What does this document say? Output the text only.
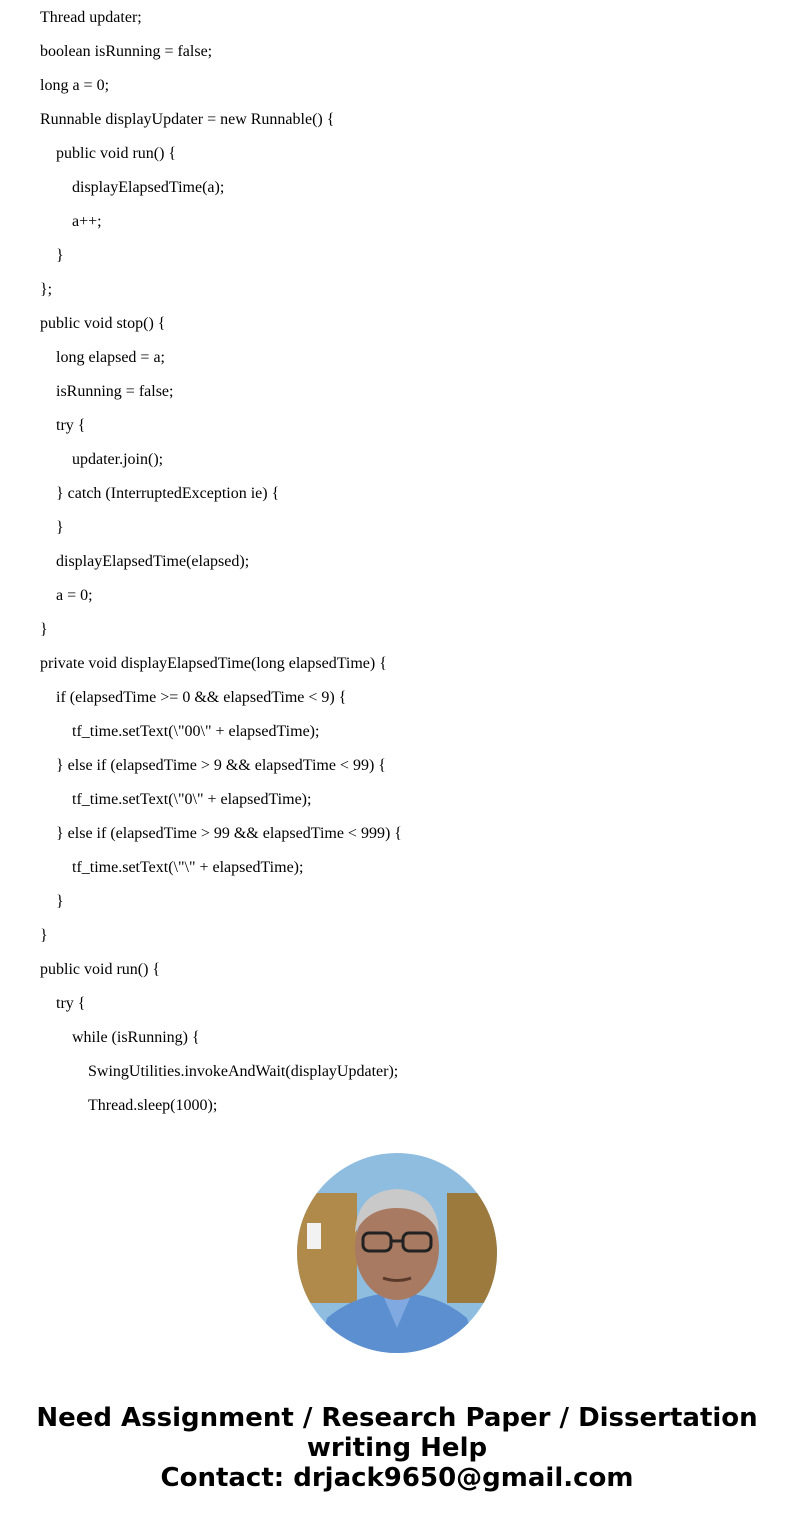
Thread updater;
boolean isRunning = false;
long a = 0;
Runnable displayUpdater = new Runnable() {
public void run() {
displayElapsedTime(a);
a++;
}
};
public void stop() {
long elapsed = a;
isRunning = false;
try {
updater.join();
} catch (InterruptedException ie) {
}
displayElapsedTime(elapsed);
a = 0;
}
private void displayElapsedTime(long elapsedTime) {
if (elapsedTime >= 0 && elapsedTime < 9) {
tf_time.setText(\"00\" + elapsedTime);
} else if (elapsedTime > 9 && elapsedTime < 99) {
tf_time.setText(\"0\" + elapsedTime);
} else if (elapsedTime > 99 && elapsedTime < 999) {
tf_time.setText(\"\" + elapsedTime);
}
}
public void run() {
try {
while (isRunning) {
SwingUtilities.invokeAndWait(displayUpdater);
Thread.sleep(1000);
Need Assignment / Research Paper / Dissertation
writing Help
Contact: drjack9650@gmail.com
